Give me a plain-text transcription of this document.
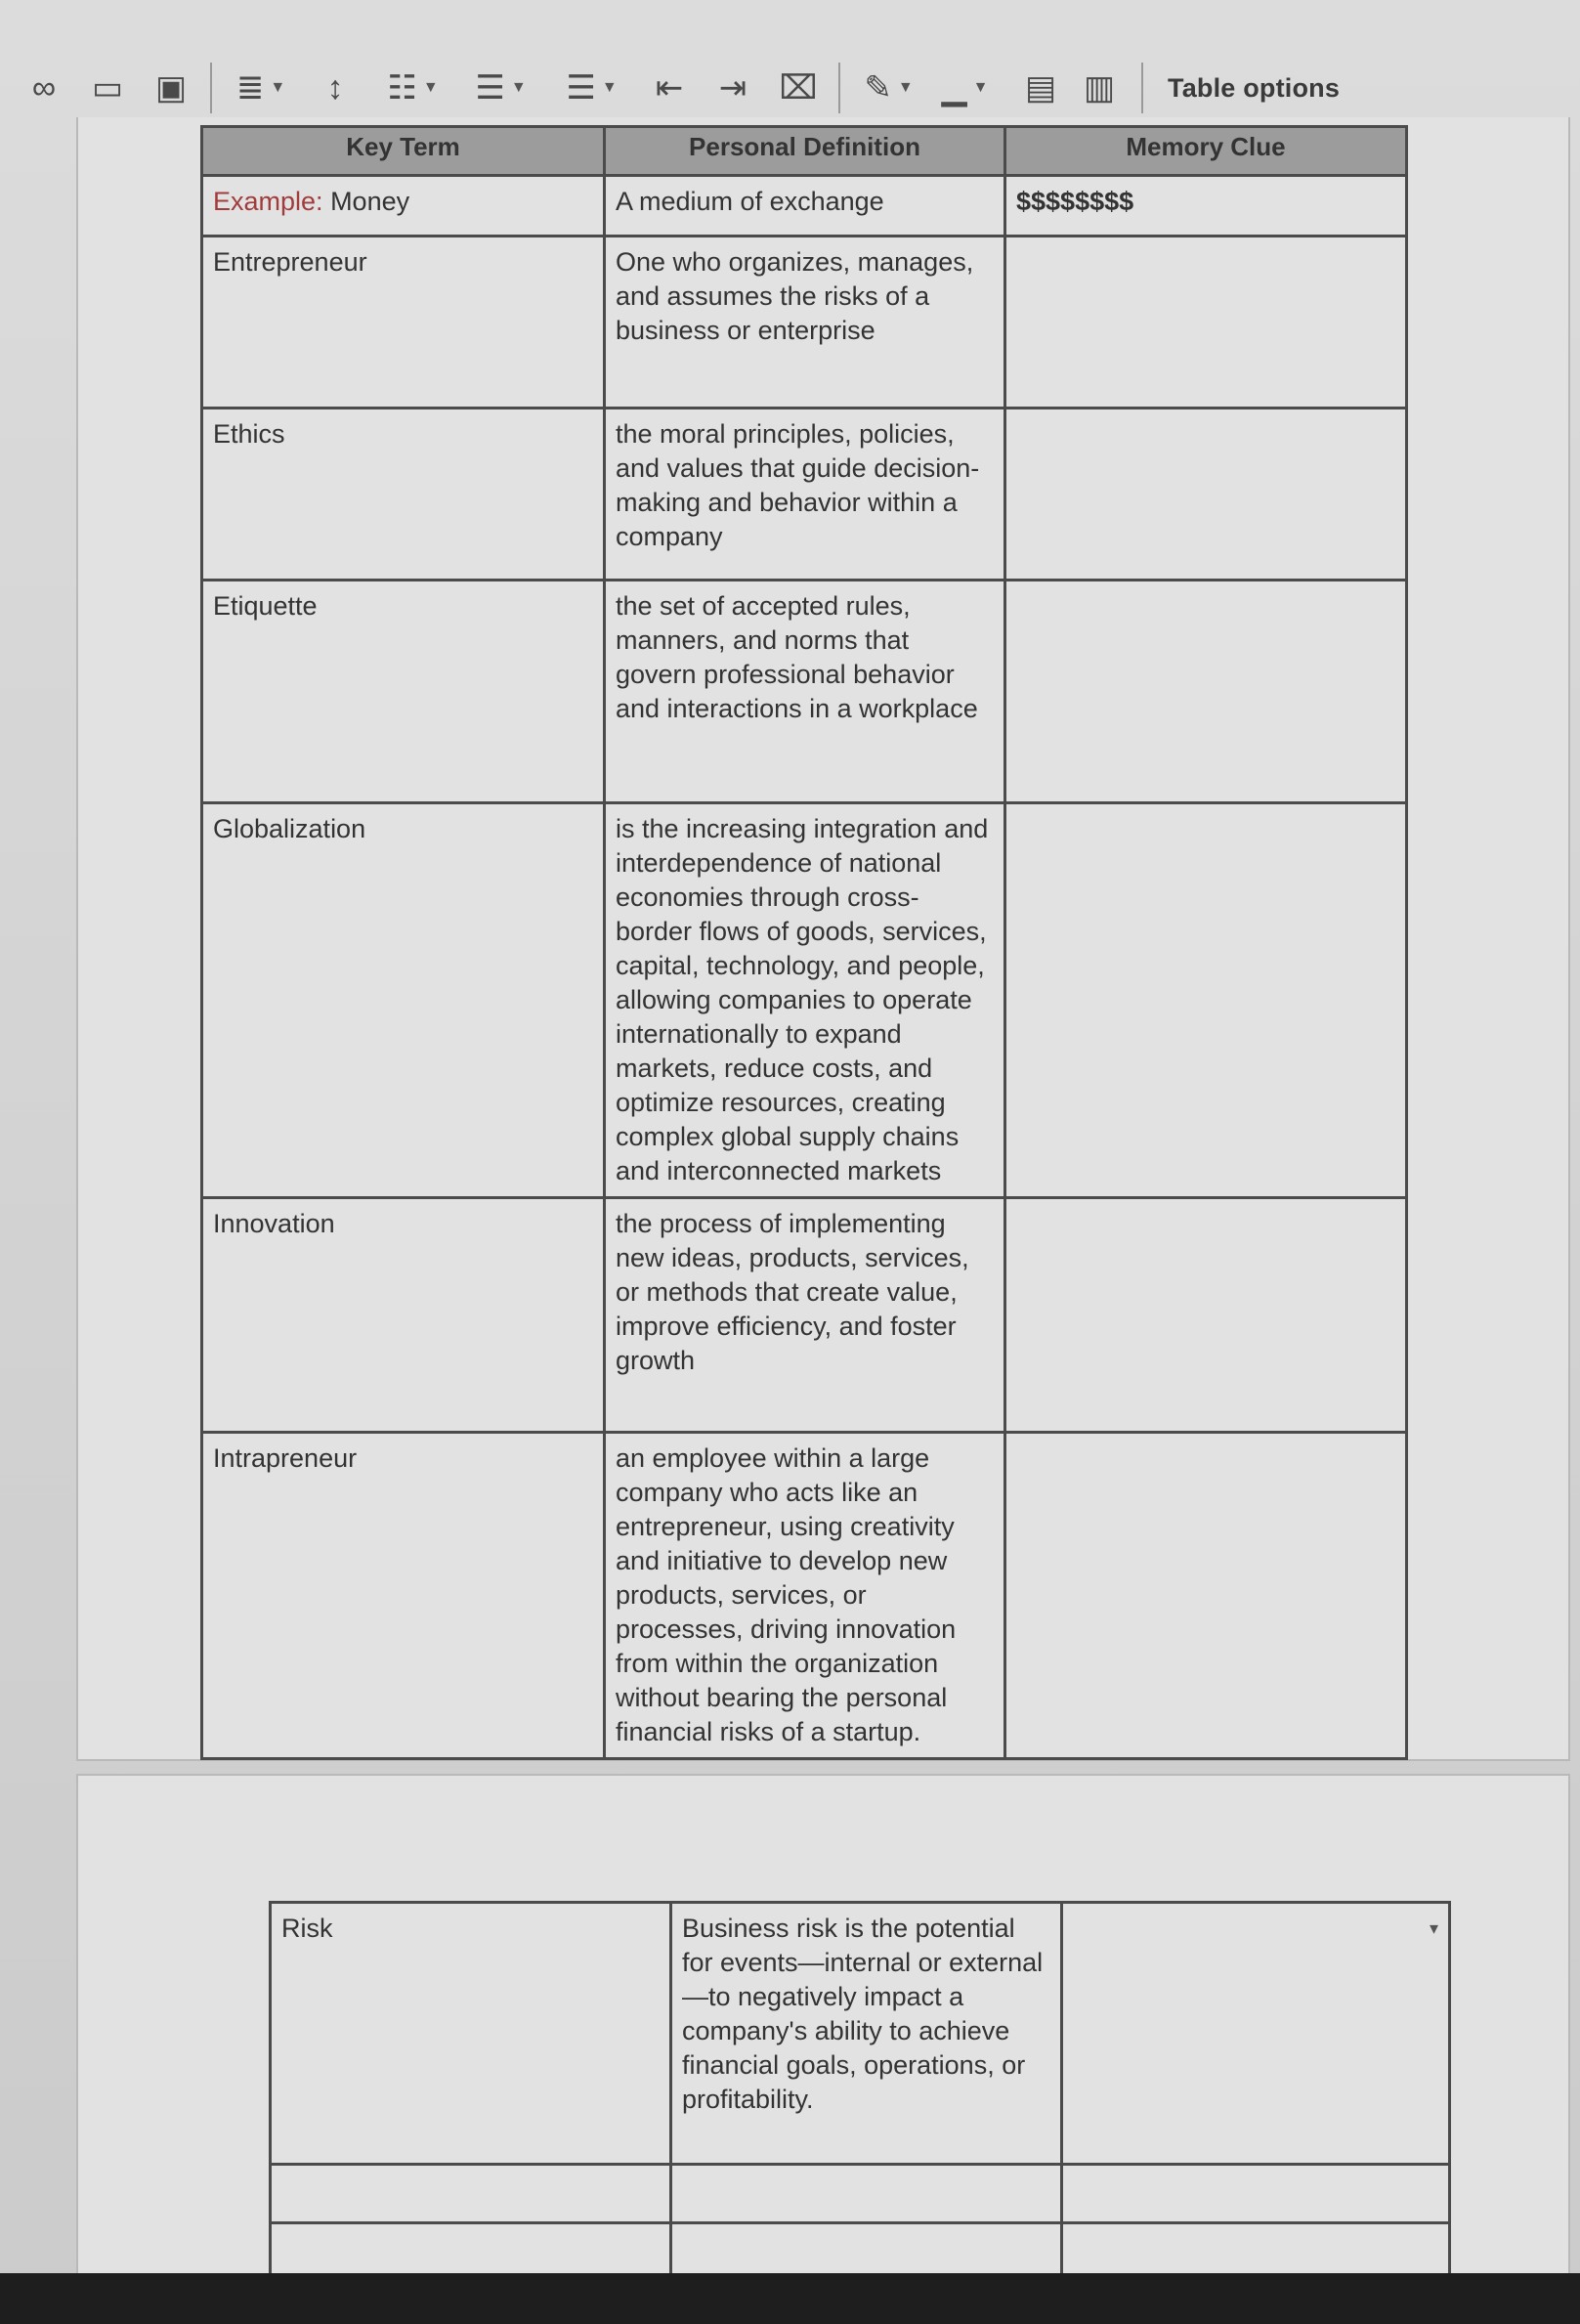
∞ ▭ ▣ ≣ ▼ ↕ ☷ ▼ ☰ ▼ ☰ ▼ ⇤ ⇥ ⌧ ✎ ▼ ▁ ▼ ▤ ▥ Table options
Key Term	Personal Definition	Memory Clue
Example: Money	A medium of exchange	$$$$$$$$
Entrepreneur	One who organizes, manages, and assumes the risks of a business or enterprise	
Ethics	the moral principles, policies, and values that guide decision-making and behavior within a company	
Etiquette	the set of accepted rules, manners, and norms that govern professional behavior and interactions in a workplace	
Globalization	is the increasing integration and interdependence of national economies through cross-border flows of goods, services, capital, technology, and people, allowing companies to operate internationally to expand markets, reduce costs, and optimize resources, creating complex global supply chains and interconnected markets	
Innovation	the process of implementing new ideas, products, services, or methods that create value, improve efficiency, and foster growth	
Intrapreneur	an employee within a large company who acts like an entrepreneur, using creativity and initiative to develop new products, services, or processes, driving innovation from within the organization without bearing the personal financial risks of a startup.	
Risk	Business risk is the potential for events—internal or external—to negatively impact a company's ability to achieve financial goals, operations, or profitability.	▾
